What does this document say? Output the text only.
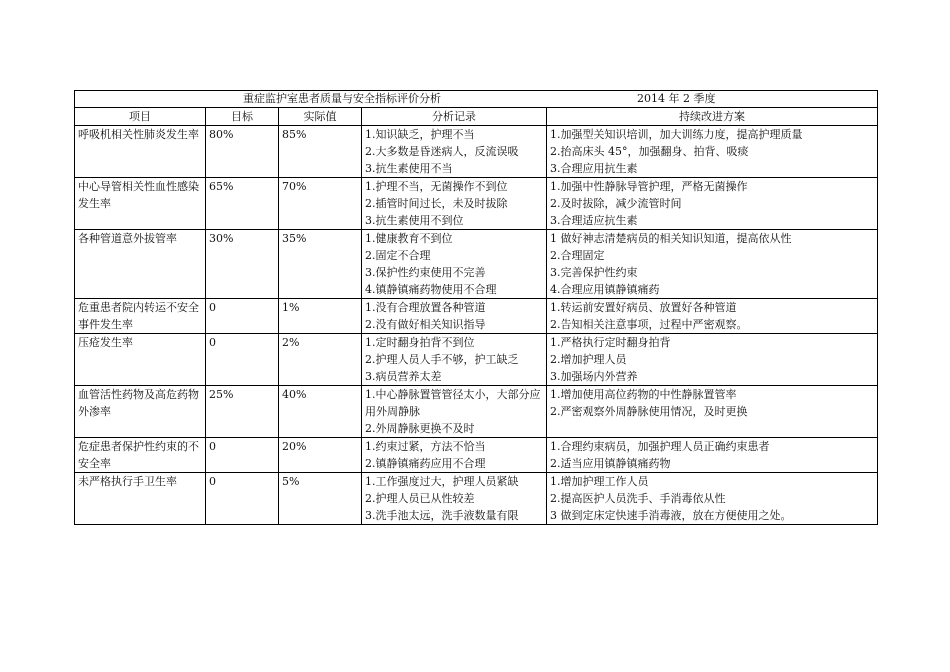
重症监护室患者质量与安全指标评价分析 2014 年 2 季度				

项目	目标	实际值	分析记录	持续改进方案
呼吸机相关性肺炎发生率	80%	85%	1.知识缺乏，护理不当
2.大多数是昏迷病人，反流误吸
3.抗生素使用不当	1.加强型关知识培训，加大训练力度，提高护理质量
2.抬高床头 45°，加强翻身、拍背、吸痰
3.合理应用抗生素

中心导管相关性血性感染发生率	65%	70%	1.护理不当，无菌操作不到位
2.插管时间过长，未及时拔除
3.抗生素使用不到位	1.加强中性静脉导管护理，严格无菌操作
2.及时拔除，减少流管时间
3.合理适应抗生素

各种管道意外拔管率	30%	35%	1.健康教育不到位
2.固定不合理
3.保护性约束使用不完善
4.镇静镇痛药物使用不合理	1 做好神志清楚病员的相关知识知道，提高依从性
2.合理固定
3.完善保护性约束
4.合理应用镇静镇痛药

危重患者院内转运不安全事件发生率	0	1%	1.没有合理放置各种管道
2.没有做好相关知识指导	1.转运前安置好病员、放置好各种管道
2.告知相关注意事项，过程中严密观察。

压疮发生率	0	2%	1.定时翻身拍背不到位
2.护理人员人手不够，护工缺乏
3.病员营养太差	1.严格执行定时翻身拍背
2.增加护理人员
3.加强场内外营养

血管活性药物及高危药物外渗率	25%	40%	1.中心静脉置管管径太小，大部分应用外周静脉
2.外周静脉更换不及时	1.增加使用高位药物的中性静脉置管率
2.严密观察外周静脉使用情况，及时更换

危症患者保护性约束的不安全率	0	20%	1.约束过紧，方法不恰当
2.镇静镇痛药应用不合理	1.合理约束病员，加强护理人员正确约束患者
2.适当应用镇静镇痛药物

未严格执行手卫生率	0	5%	1.工作强度过大，护理人员紧缺
2.护理人员已从性较差
3.洗手池太远，洗手液数量有限	1.增加护理工作人员
2.提高医护人员洗手、手消毒依从性
3 做到定床定快速手消毒液，放在方便使用之处。
